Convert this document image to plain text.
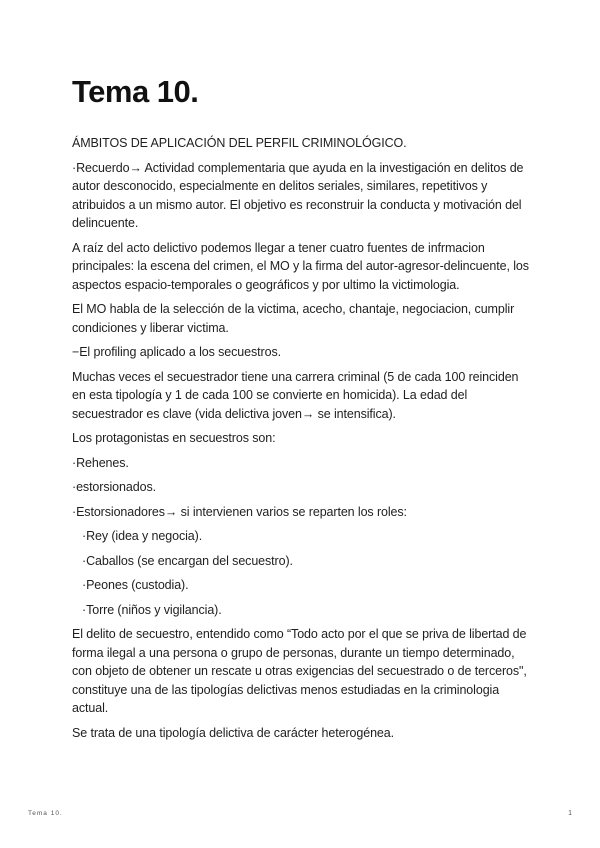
Tema 10.

ÁMBITOS DE APLICACIÓN DEL PERFIL CRIMINOLÓGICO.

·Recuerdo→ Actividad complementaria que ayuda en la investigación en delitos de autor desconocido, especialmente en delitos seriales, similares, repetitivos y atribuidos a un mismo autor. El objetivo es reconstruir la conducta y motivación del delincuente.

A raíz del acto delictivo podemos llegar a tener cuatro fuentes de infrmacion principales: la escena del crimen, el MO y la firma del autor-agresor-delincuente, los aspectos espacio-temporales o geográficos y por ultimo la victimologia.

El MO habla de la selección de la victima, acecho, chantaje, negociacion, cumplir condiciones y liberar victima.

−El profiling aplicado a los secuestros.

Muchas veces el secuestrador tiene una carrera criminal (5 de cada 100 reinciden en esta tipología y 1 de cada 100 se convierte en homicida). La edad del secuestrador es clave (vida delictiva joven→ se intensifica).

Los protagonistas en secuestros son:

·Rehenes.

·estorsionados.

·Estorsionadores→ si intervienen varios se reparten los roles:

·Rey (idea y negocia).

·Caballos (se encargan del secuestro).

·Peones (custodia).

·Torre (niños y vigilancia).

El delito de secuestro, entendido como “Todo acto por el que se priva de libertad de forma ilegal a una persona o grupo de personas, durante un tiempo determinado, con objeto de obtener un rescate u otras exigencias del secuestrado o de terceros", constituye una de las tipologías delictivas menos estudiadas en la criminologia actual.

Se trata de una tipología delictiva de carácter heterogénea.

Tema 10.	1
